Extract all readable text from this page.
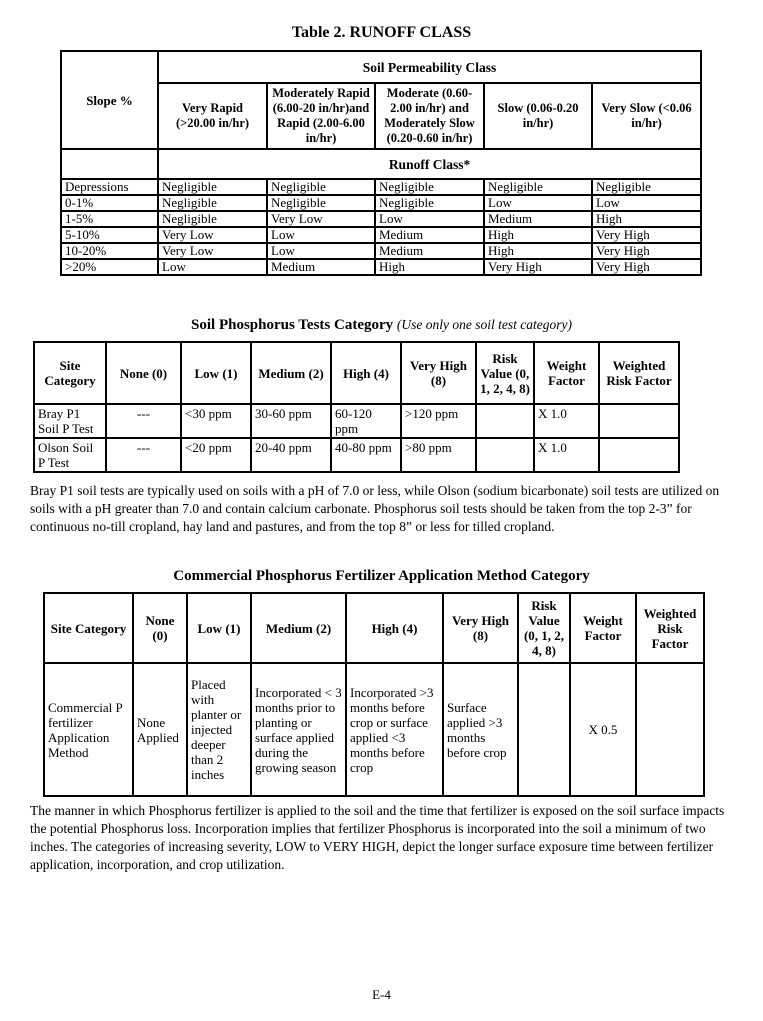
Table 2. RUNOFF CLASS
Slope %	Soil Permeability Class				
	Very Rapid (>20.00 in/hr)	Moderately Rapid (6.00-20 in/hr)and Rapid (2.00-6.00 in/hr)	Moderate (0.60-2.00 in/hr) and Moderately Slow (0.20-0.60 in/hr)	Slow (0.06-0.20 in/hr)	Very Slow (<0.06 in/hr)
	Runoff Class*				
Depressions	Negligible	Negligible	Negligible	Negligible	Negligible
0-1%	Negligible	Negligible	Negligible	Low	Low
1-5%	Negligible	Very Low	Low	Medium	High
5-10%	Very Low	Low	Medium	High	Very High
10-20%	Very Low	Low	Medium	High	Very High
>20%	Low	Medium	High	Very High	Very High
Soil Phosphorus Tests Category (Use only one soil test category)
Site Category	None (0)	Low (1)	Medium (2)	High (4)	Very High (8)	Risk Value (0, 1, 2, 4, 8)	Weight Factor	Weighted Risk Factor
Bray P1 Soil P Test	---	<30 ppm	30-60 ppm	60-120 ppm	>120 ppm		X 1.0	
Olson Soil P Test	---	<20 ppm	20-40 ppm	40-80 ppm	>80 ppm		X 1.0	
Bray P1 soil tests are typically used on soils with a pH of 7.0 or less, while Olson (sodium bicarbonate) soil tests are utilized on soils with a pH greater than 7.0 and contain calcium carbonate. Phosphorus soil tests should be taken from the top 2-3” for continuous no-till cropland, hay land and pastures, and from the top 8” or less for tilled cropland.
Commercial Phosphorus Fertilizer Application Method Category
Site Category	None (0)	Low (1)	Medium (2)	High (4)	Very High (8)	Risk Value (0, 1, 2, 4, 8)	Weight Factor	Weighted Risk Factor
Commercial P fertilizer Application Method	None Applied	Placed with planter or injected deeper than 2 inches	Incorporated < 3 months prior to planting or surface applied during the growing season	Incorporated >3 months before crop or surface applied <3 months before crop	Surface applied >3 months before crop		X 0.5	
The manner in which Phosphorus fertilizer is applied to the soil and the time that fertilizer is exposed on the soil surface impacts the potential Phosphorus loss. Incorporation implies that fertilizer Phosphorus is incorporated into the soil a minimum of two inches. The categories of increasing severity, LOW to VERY HIGH, depict the longer surface exposure time between fertilizer application, incorporation, and crop utilization.
E-4
